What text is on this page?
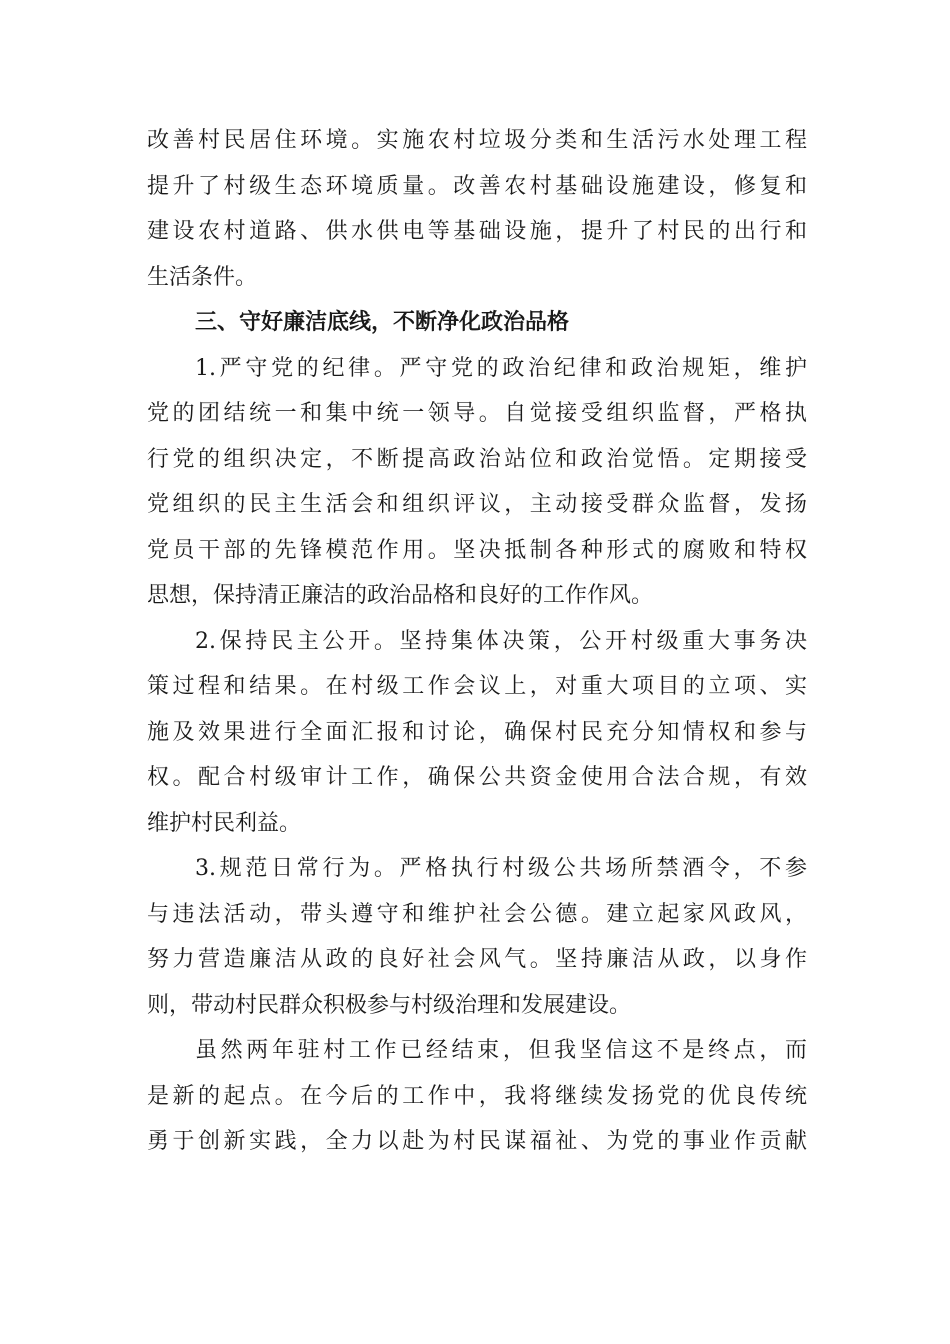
改善村民居住环境。实施农村垃圾分类和生活污水处理工程
提升了村级生态环境质量。改善农村基础设施建设，修复和
建设农村道路、供水供电等基础设施，提升了村民的出行和
生活条件。
三、守好廉洁底线，不断净化政治品格
1.严守党的纪律。严守党的政治纪律和政治规矩，维护
党的团结统一和集中统一领导。自觉接受组织监督，严格执
行党的组织决定，不断提高政治站位和政治觉悟。定期接受
党组织的民主生活会和组织评议，主动接受群众监督，发扬
党员干部的先锋模范作用。坚决抵制各种形式的腐败和特权
思想，保持清正廉洁的政治品格和良好的工作作风。
2.保持民主公开。坚持集体决策，公开村级重大事务决
策过程和结果。在村级工作会议上，对重大项目的立项、实
施及效果进行全面汇报和讨论，确保村民充分知情权和参与
权。配合村级审计工作，确保公共资金使用合法合规，有效
维护村民利益。
3.规范日常行为。严格执行村级公共场所禁酒令，不参
与违法活动，带头遵守和维护社会公德。建立起家风政风，
努力营造廉洁从政的良好社会风气。坚持廉洁从政，以身作
则，带动村民群众积极参与村级治理和发展建设。
虽然两年驻村工作已经结束，但我坚信这不是终点，而
是新的起点。在今后的工作中，我将继续发扬党的优良传统
勇于创新实践，全力以赴为村民谋福祉、为党的事业作贡献
